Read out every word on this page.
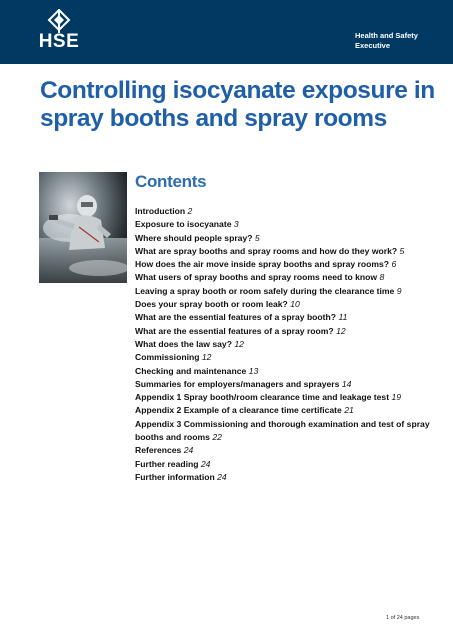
HSE	Health and Safety Executive
Controlling isocyanate exposure in spray booths and spray rooms
Contents
Introduction 2
Exposure to isocyanate 3
Where should people spray? 5
What are spray booths and spray rooms and how do they work? 5
How does the air move inside spray booths and spray rooms? 6
What users of spray booths and spray rooms need to know 8
Leaving a spray booth or room safely during the clearance time 9
Does your spray booth or room leak? 10
What are the essential features of a spray booth? 11
What are the essential features of a spray room? 12
What does the law say? 12
Commissioning 12
Checking and maintenance 13
Summaries for employers/managers and sprayers 14
Appendix 1 Spray booth/room clearance time and leakage test 19
Appendix 2 Example of a clearance time certificate 21
Appendix 3 Commissioning and thorough examination and test of spray booths and rooms 22
References 24
Further reading 24
Further information 24
1 of 24 pages
